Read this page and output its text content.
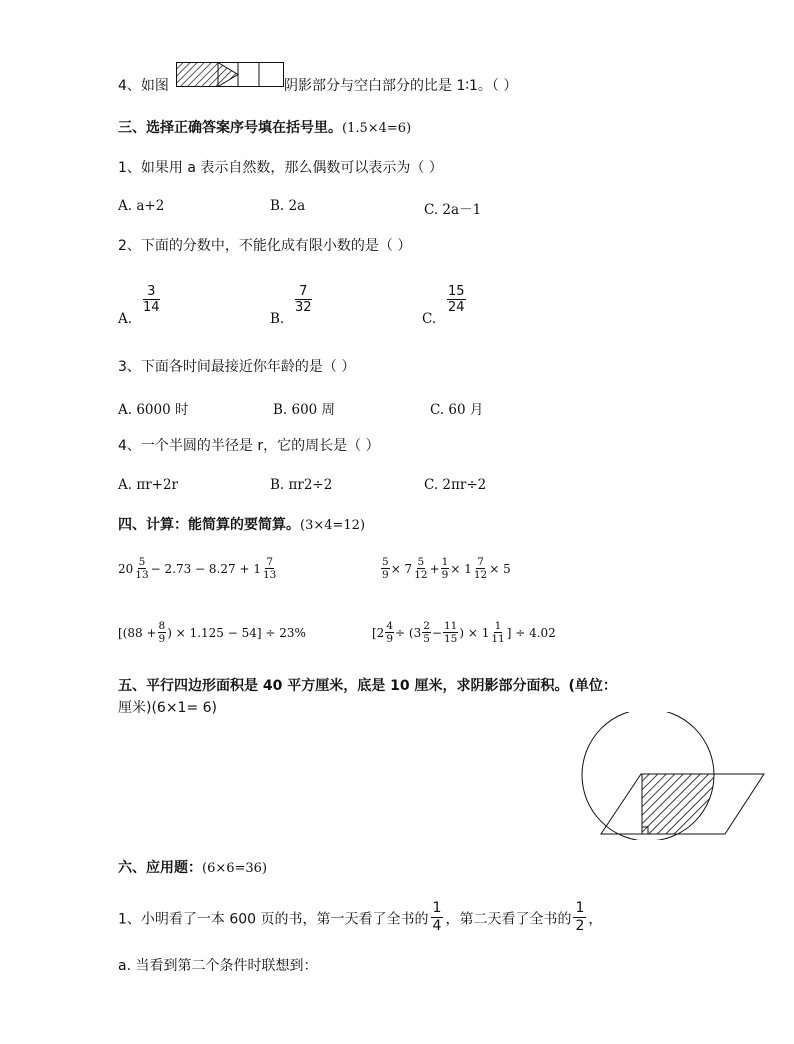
4、如图	阴影部分与空白部分的比是 1∶1。（ ）
三、选择正确答案序号填在括号里。(1.5×4=6)
1、如果用 a 表示自然数，那么偶数可以表示为（ ）
A. a+2	B. 2a	C. 2a－1
2、下面的分数中，不能化成有限小数的是（ ）
A.
3
14
B.
7
32
C.
15
24
3、下面各时间最接近你年龄的是（ ）
A. 6000 时	B. 600 周	C. 60 月
4、一个半圆的半径是 r，它的周长是（ ）
A. πr+2r	B. πr2÷2	C. 2πr÷2
四、计算：能简算的要简算。(3×4=12)
$20 \frac{5}{13} - 2.73 - 8.27 + 1 \frac{7}{13}$	$\frac{5}{9} \times 7 \frac{5}{12} + \frac{1}{9} \times 1 \frac{7}{12} \times 5$
[($88 + \frac{8}{9}$ ) × 1.125 − 54] ÷ 23%	[$2 \frac{4}{9} \div (3 \frac{2}{5} - \frac{11}{15}$ ) × $1 \frac{1}{11}$ ] ÷ 4.02
五、平行四边形面积是 40 平方厘米，底是 10 厘米，求阴影部分面积。(单位：
厘米)(6×1= 6)
六、应用题：(6×6=36)
1、小明看了一本 600 页的书，第一天看了全书的 $\frac{1}{4}$ ，第二天看了全书的 $\frac{1}{2}$ ，
a. 当看到第二个条件时联想到：
